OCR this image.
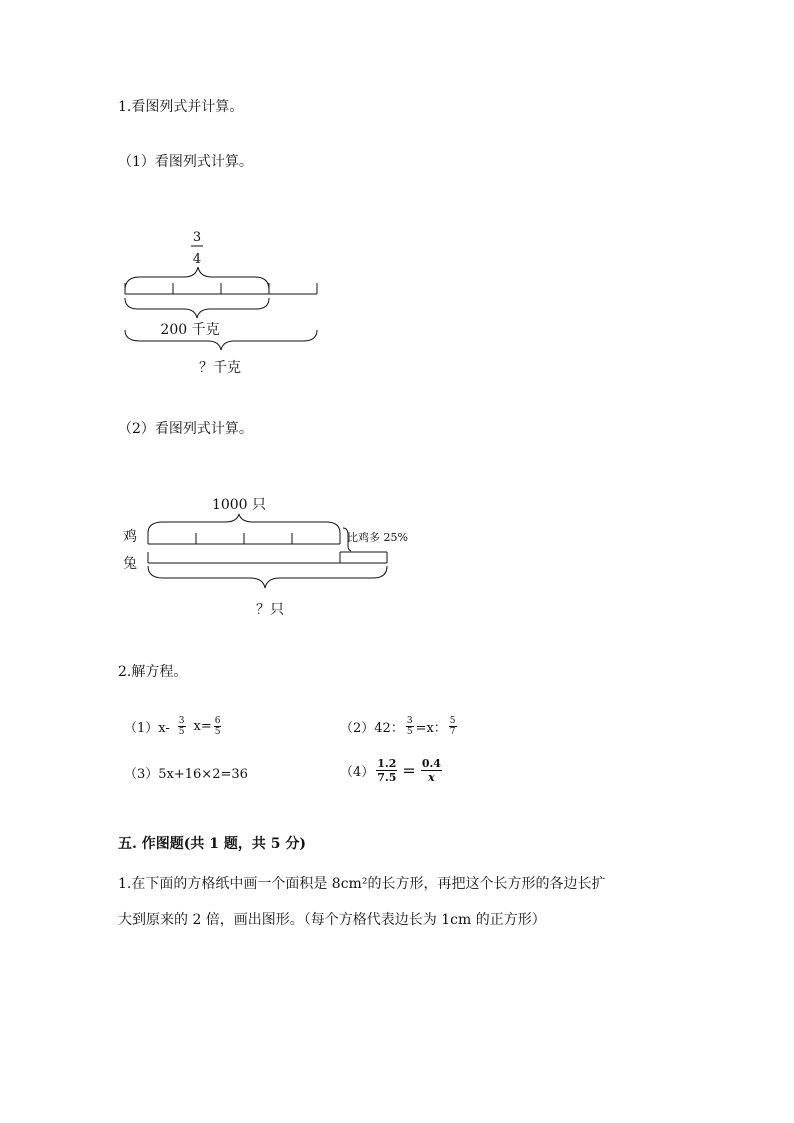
1.看图列式并计算。
（1）看图列式计算。
3
4
200 千克
？千克
（2）看图列式计算。
1000 只
鸡
兔
比鸡多 25%
？只
2.解方程。
$(1)x- \frac{3}{5} x= \frac{6}{5}$	（2）42： $\frac{3}{5} =x$： $\frac{5}{7}$
（3）5x+16×2=36	$(4) \frac{1.2}{7.5} = \frac{0.4}{x}$
五. 作图题(共 1 题，共 5 分)
1.在下面的方格纸中画一个面积是 8cm²的长方形，再把这个长方形的各边长扩
大到原来的 2 倍，画出图形。（每个方格代表边长为 1cm 的正方形）
